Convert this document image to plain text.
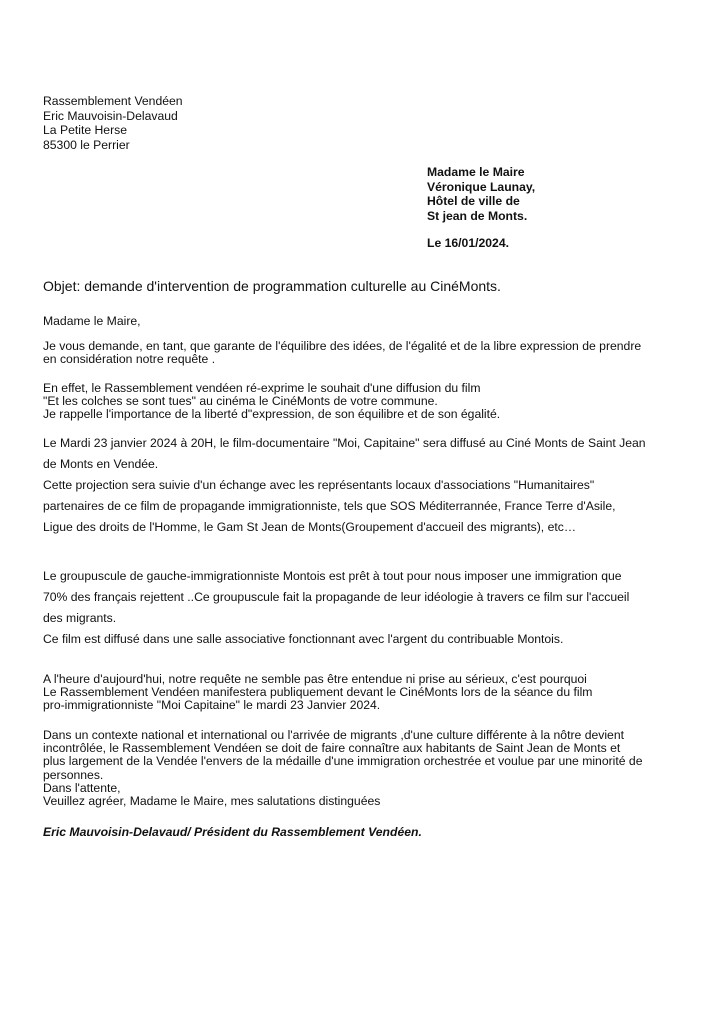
Rassemblement Vendéen
Eric Mauvoisin-Delavaud
La Petite Herse
85300 le Perrier
Madame le Maire
Véronique Launay,
Hôtel de ville de
St jean de Monts.
Le 16/01/2024.
Objet: demande d'intervention de programmation culturelle au CinéMonts.
Madame le Maire,
Je vous demande, en tant, que garante de l'équilibre des idées, de l'égalité et de la libre expression de prendre
en considération notre requête .
En effet, le Rassemblement vendéen ré-exprime le souhait d'une diffusion du film
"Et les colches se sont tues" au cinéma le CinéMonts de votre commune.
Je rappelle l'importance de la liberté d"expression, de son équilibre et de son égalité.
Le Mardi 23 janvier 2024 à 20H, le film-documentaire "Moi, Capitaine" sera diffusé au Ciné Monts de Saint Jean
de Monts en Vendée.
Cette projection sera suivie d'un échange avec les représentants locaux d'associations "Humanitaires"
partenaires de ce film de propagande immigrationniste, tels que SOS Méditerrannée, France Terre d'Asile,
Ligue des droits de l'Homme, le Gam St Jean de Monts(Groupement d'accueil des migrants), etc…
Le groupuscule de gauche-immigrationniste Montois est prêt à tout pour nous imposer une immigration que
70% des français rejettent ..Ce groupuscule fait la propagande de leur idéologie à travers ce film sur l'accueil
des migrants.
Ce film est diffusé dans une salle associative fonctionnant avec l'argent du contribuable Montois.
A l'heure d'aujourd'hui, notre requête ne semble pas être entendue ni prise au sérieux, c'est pourquoi
Le Rassemblement Vendéen manifestera publiquement devant le CinéMonts lors de la séance du film
pro-immigrationniste "Moi Capitaine" le mardi 23 Janvier 2024.
Dans un contexte national et international ou l'arrivée de migrants ,d'une culture différente à la nôtre devient
incontrôlée, le Rassemblement Vendéen se doit de faire connaître aux habitants de Saint Jean de Monts et
plus largement de la Vendée l'envers de la médaille d'une immigration orchestrée et voulue par une minorité de
personnes.
Dans l'attente,
Veuillez agréer, Madame le Maire, mes salutations distinguées
Eric Mauvoisin-Delavaud/ Président du Rassemblement Vendéen.
